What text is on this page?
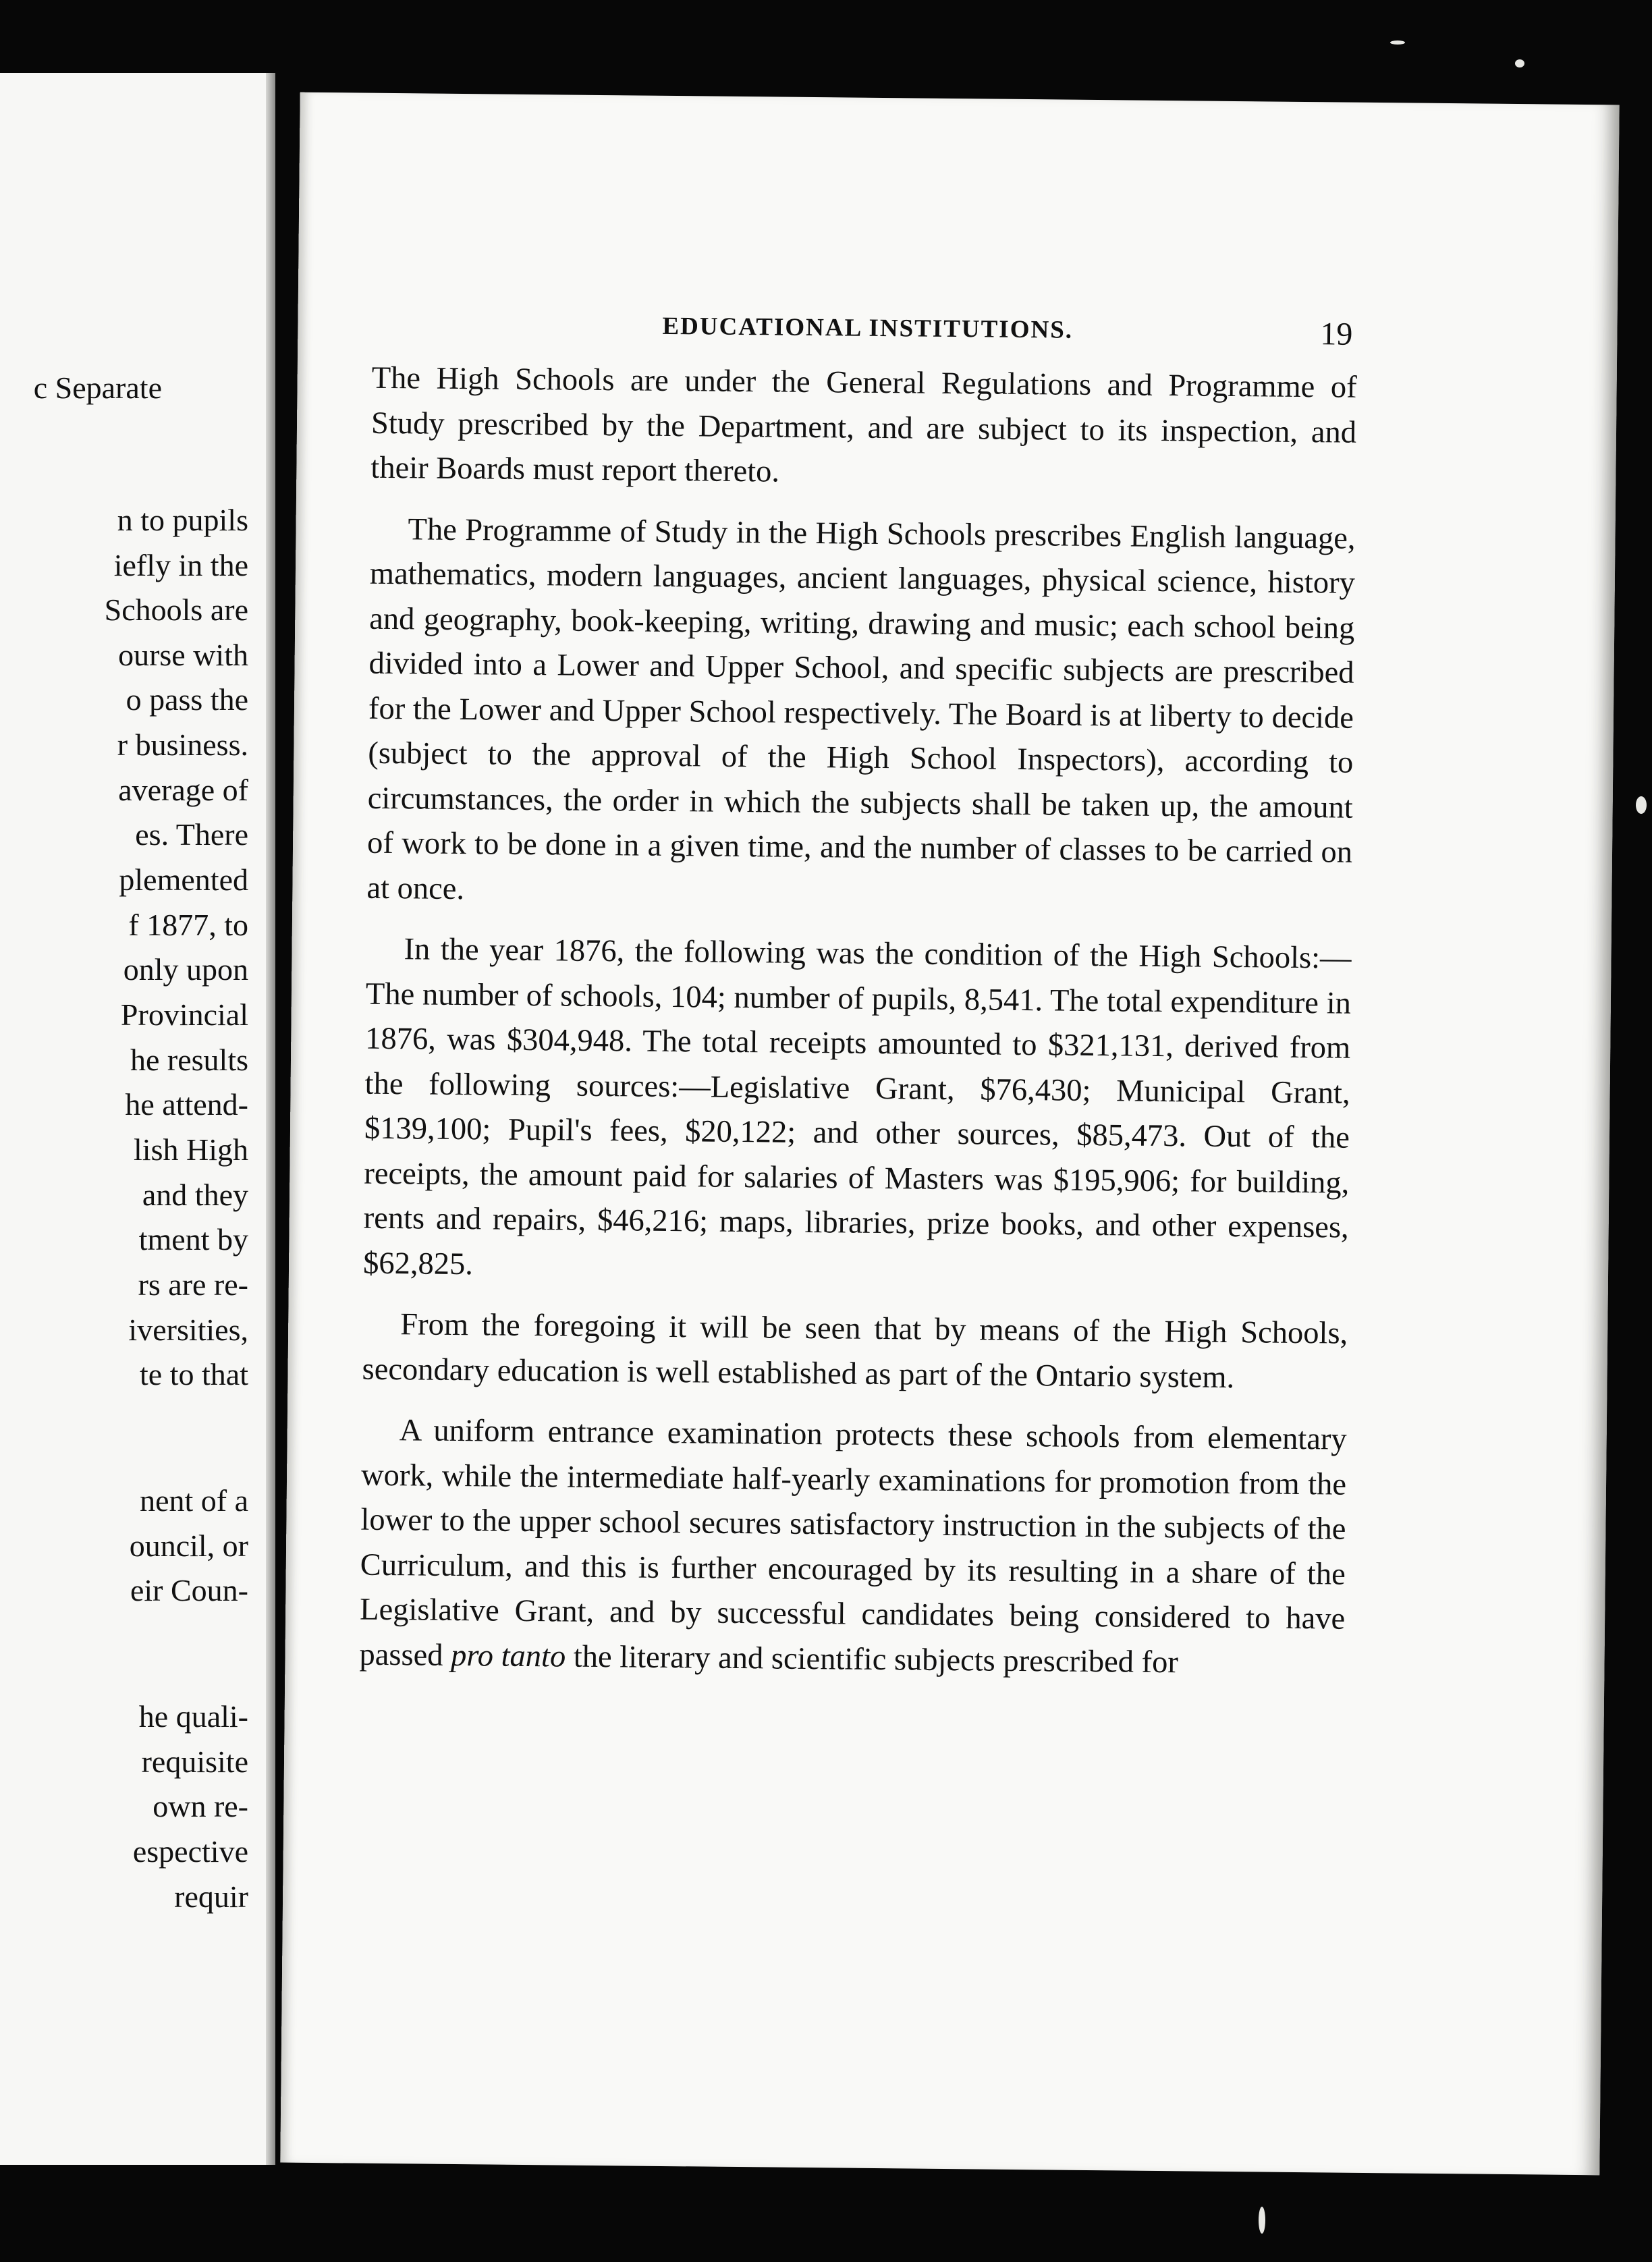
c Separate
n to pupils
iefly in the
Schools are
ourse with
o pass the
r business.
average of
es. There
plemented
f 1877, to
only upon
Provincial
he results
he attend-
lish High
and they
tment by
rs are re-
iversities,
te to that
nent of a
ouncil, or
eir Coun-
he quali-
requisite
own re-
espective
requir
EDUCATIONAL INSTITUTIONS.	19

The High Schools are under the General Regulations and Programme of Study prescribed by the Department, and are subject to its inspection, and their Boards must report thereto.

The Programme of Study in the High Schools prescribes English language, mathematics, modern languages, ancient languages, physical science, history and geography, book-keeping, writing, drawing and music; each school being divided into a Lower and Upper School, and specific subjects are prescribed for the Lower and Upper School respectively. The Board is at liberty to decide (subject to the approval of the High School Inspectors), according to circumstances, the order in which the subjects shall be taken up, the amount of work to be done in a given time, and the number of classes to be carried on at once.

In the year 1876, the following was the condition of the High Schools:—The number of schools, 104; number of pupils, 8,541. The total expenditure in 1876, was $304,948. The total receipts amounted to $321,131, derived from the following sources:—Legislative Grant, $76,430; Municipal Grant, $139,100; Pupil's fees, $20,122; and other sources, $85,473. Out of the receipts, the amount paid for salaries of Masters was $195,906; for building, rents and repairs, $46,216; maps, libraries, prize books, and other expenses, $62,825.

From the foregoing it will be seen that by means of the High Schools, secondary education is well established as part of the Ontario system.

A uniform entrance examination protects these schools from elementary work, while the intermediate half-yearly examinations for promotion from the lower to the upper school secures satisfactory instruction in the subjects of the Curriculum, and this is further encouraged by its resulting in a share of the Legislative Grant, and by successful candidates being considered to have passed pro tanto the literary and scientific subjects prescribed for
